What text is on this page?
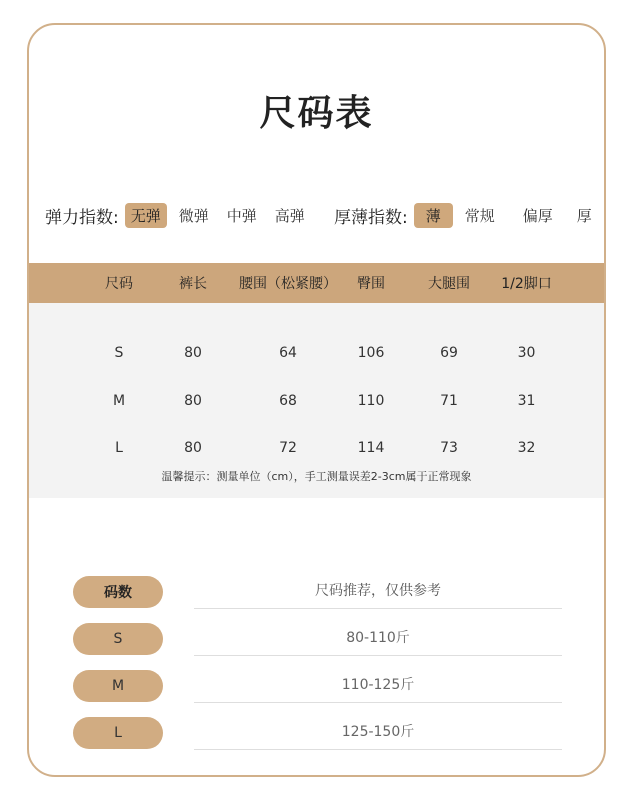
尺码表
弹力指数: 无弹	微弹	中弹	高弹	厚薄指数:	薄	常规	偏厚	厚
尺码	裤长	腰围（松紧腰）	臀围	大腿围	1/2脚口
S	80	64	106	69	30
M	80	68	110	71	31
L	80	72	114	73	32
温馨提示：测量单位（cm），手工测量误差2-3cm属于正常现象
码数	尺码推荐，仅供参考
S	80-110斤
M	110-125斤
L	125-150斤
